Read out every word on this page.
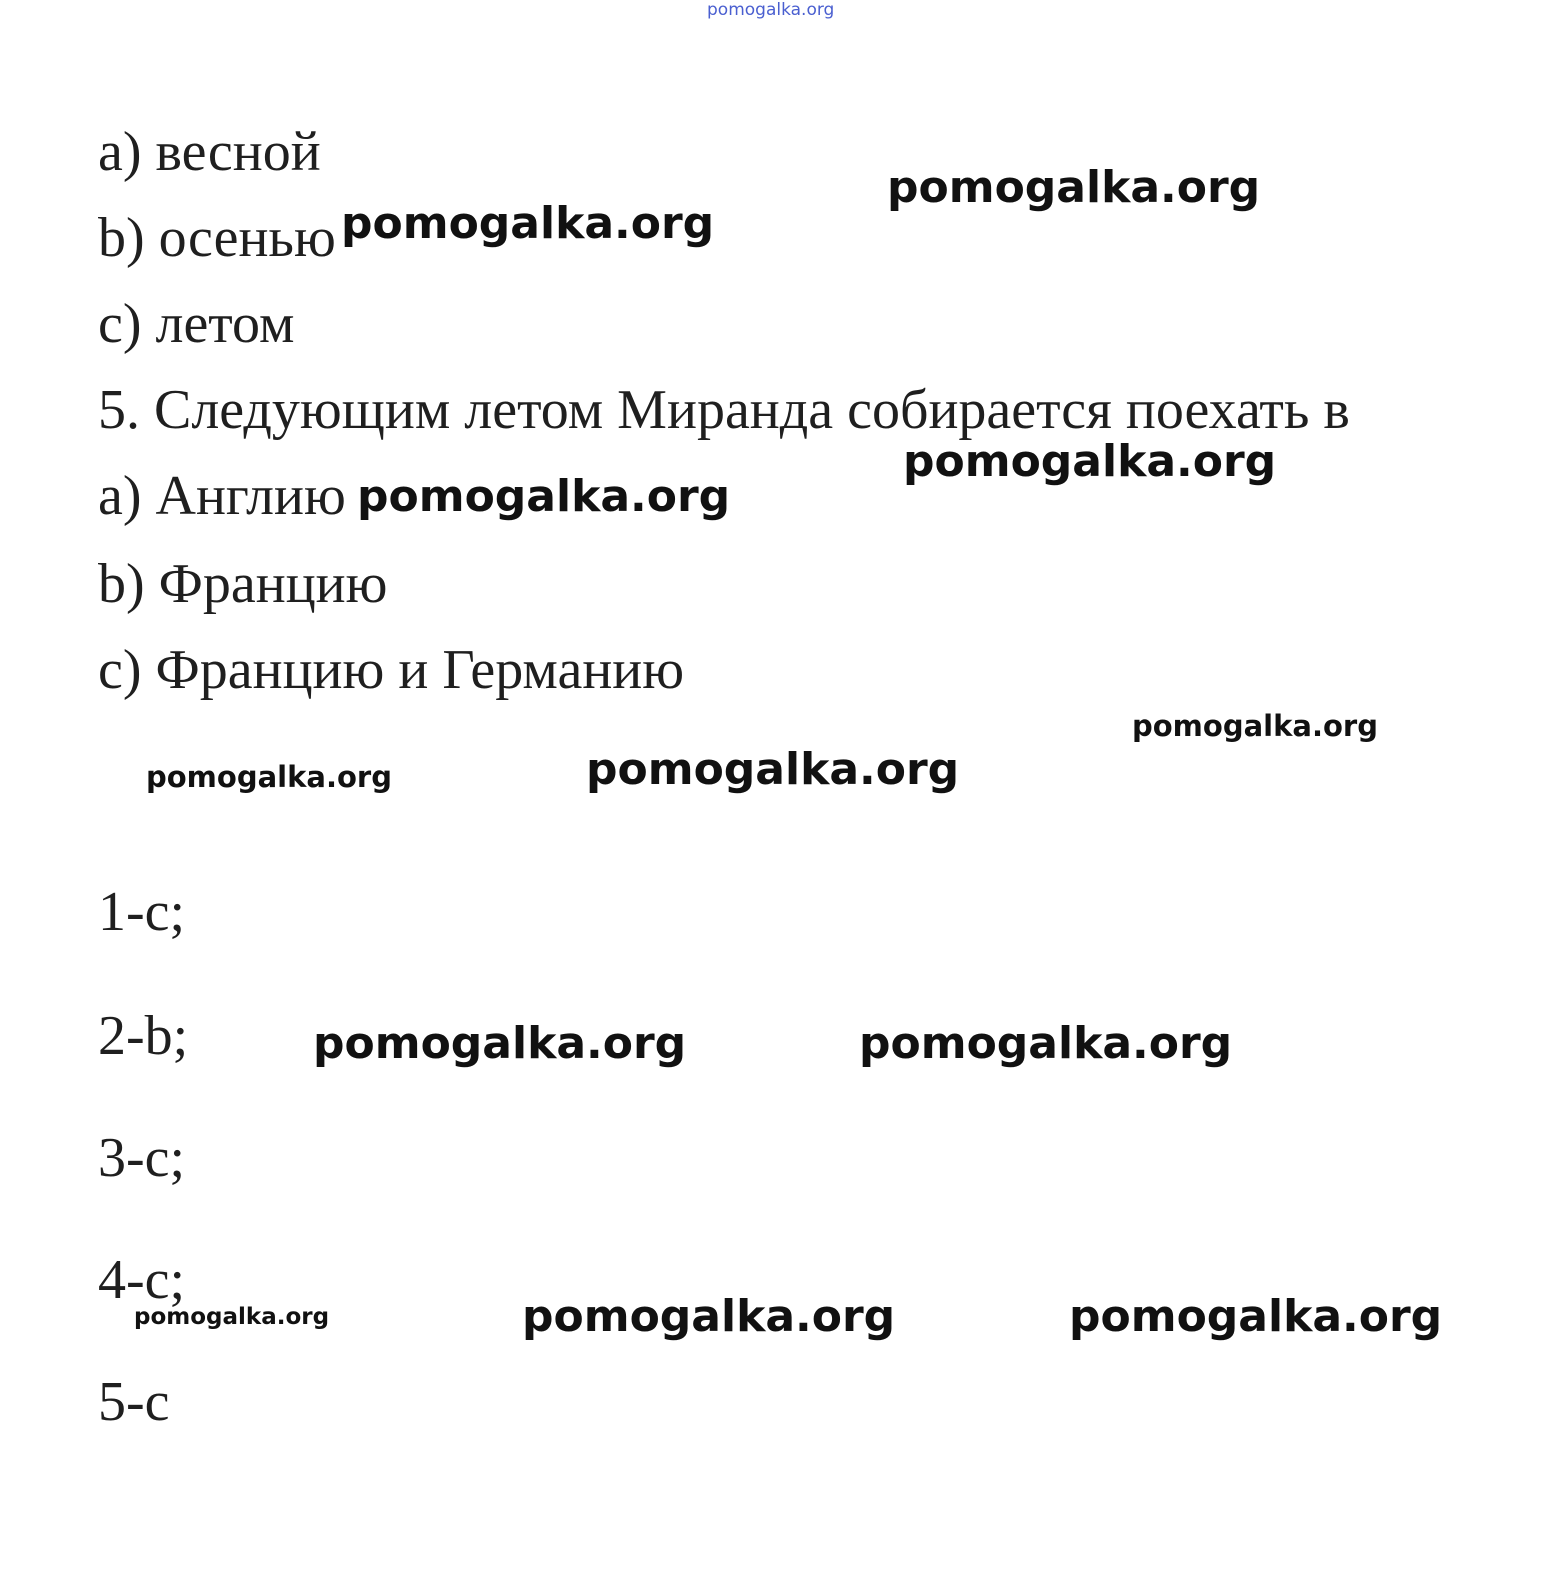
pomogalka.org
a) весной
b) осенью
c) летом
5. Следующим летом Миранда собирается поехать в
a) Англию
b) Францию
c) Францию и Германию
1-c;
2-b;
3-c;
4-c;
5-c
pomogalka.org
pomogalka.org
pomogalka.org
pomogalka.org
pomogalka.org
pomogalka.org	pomogalka.org
pomogalka.org	pomogalka.org
pomogalka.org	pomogalka.org	pomogalka.org
